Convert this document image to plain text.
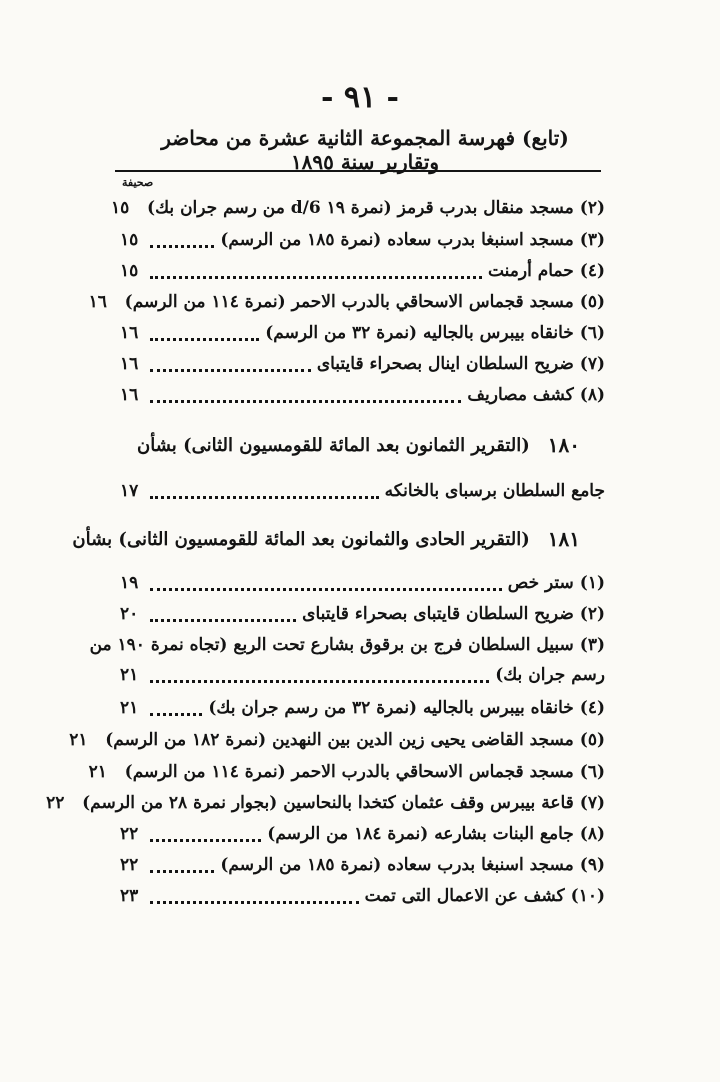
- ٩١ -
(تابع) فهرسة المجموعة الثانية عشرة من محاضر وتقارير سنة ١٨٩٥
صحيفة
(٢)
مسجد منقال بدرب قرمز (نمرة ١٩ 6/d من رسم جران بك)
١٥
(٣)
مسجد اسنبغا بدرب سعاده (نمرة ١٨٥ من الرسم)
١٥
(٤)
حمام أرمنت
١٥
(٥)
مسجد قجماس الاسحاقي بالدرب الاحمر (نمرة ١١٤ من الرسم)
١٦
(٦)
خانقاه بيبرس بالجاليه (نمرة ٣٢ من الرسم)
١٦
(٧)
ضريح السلطان اينال بصحراء قايتباى
١٦
(٨)
كشف مصاريف
١٦
١٨٠
(التقرير الثمانون بعد المائة للقومسيون الثانى) بشأن
جامع السلطان برسباى بالخانكه
١٧
١٨١
(التقرير الحادى والثمانون بعد المائة للقومسيون الثانى) بشأن
(١)
ستر خص
١٩
(٢)
ضريح السلطان قايتباى بصحراء قايتباى
٢٠
(٣)
سبيل السلطان فرج بن برقوق بشارع تحت الربع (تجاه نمرة ١٩٠ من
رسم جران بك)
٢١
(٤)
خانقاه بيبرس بالجاليه (نمرة ٣٢ من رسم جران بك)
٢١
(٥)
مسجد القاضى يحيى زين الدين بين النهدين (نمرة ١٨٢ من الرسم)
٢١
(٦)
مسجد قجماس الاسحاقي بالدرب الاحمر (نمرة ١١٤ من الرسم)
٢١
(٧)
قاعة بيبرس وقف عثمان كتخدا بالنحاسين (بجوار نمرة ٢٨ من الرسم)
٢٢
(٨)
جامع البنات بشارعه (نمرة ١٨٤ من الرسم)
٢٢
(٩)
مسجد اسنبغا بدرب سعاده (نمرة ١٨٥ من الرسم)
٢٢
(١٠)
كشف عن الاعمال التى تمت
٢٣
